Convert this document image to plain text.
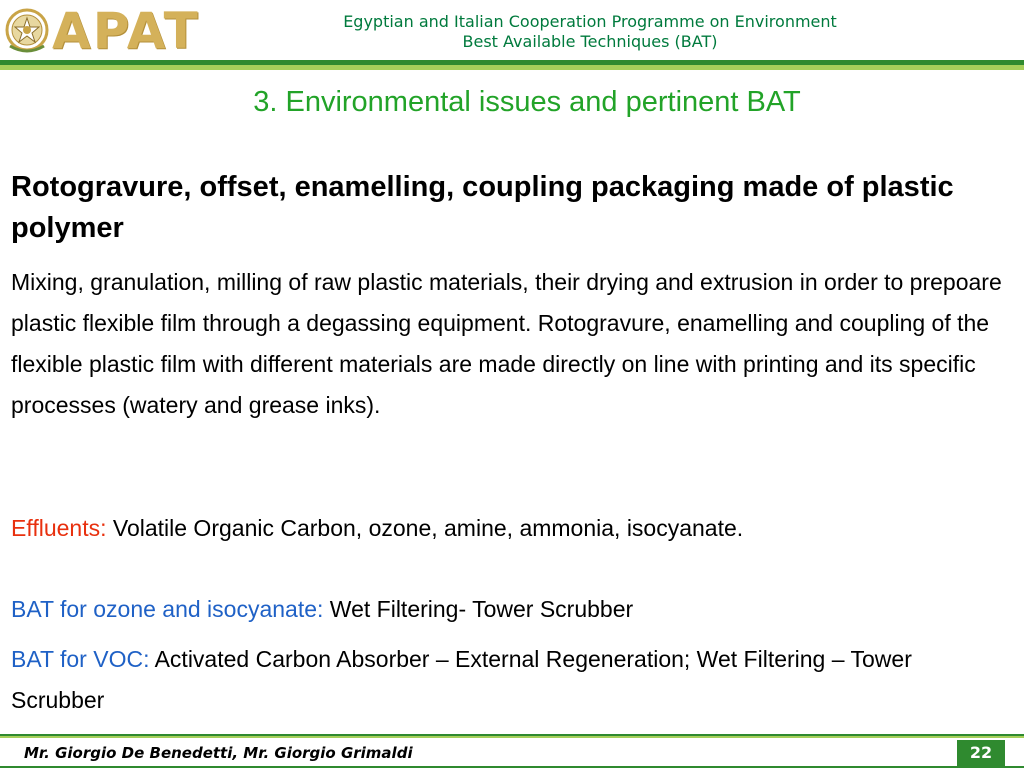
APAT	Egyptian and Italian Cooperation Programme on Environment
Best Available Techniques (BAT)
3. Environmental issues and pertinent BAT
Rotogravure, offset, enamelling, coupling packaging made of plastic polymer
Mixing, granulation, milling of raw plastic materials, their drying and extrusion in order to prepoare plastic flexible film through a degassing equipment. Rotogravure, enamelling and coupling of the flexible plastic film with different materials are made directly on line with printing and its specific processes (watery and grease inks).
Effluents: Volatile Organic Carbon, ozone, amine, ammonia, isocyanate.
BAT for ozone and isocyanate: Wet Filtering- Tower Scrubber
BAT for VOC: Activated Carbon Absorber – External Regeneration; Wet Filtering – Tower Scrubber
Mr. Giorgio De Benedetti, Mr. Giorgio Grimaldi	22
